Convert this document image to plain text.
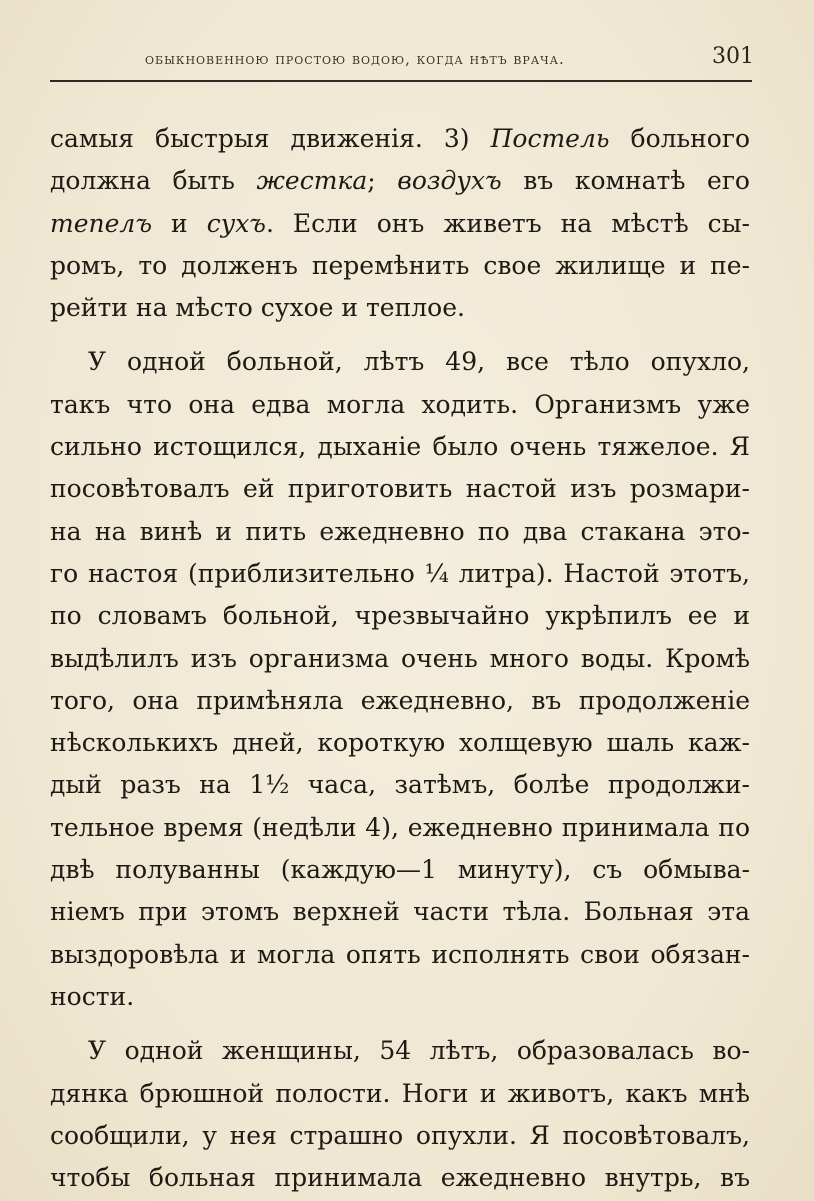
обыкновенною простою водою, когда нѣтъ врача.	301
самыя быстрыя движенія. 3) Постель больного
должна быть жестка; воздухъ въ комнатѣ его
тепелъ и сухъ. Если онъ живетъ на мѣстѣ сы-
ромъ, то долженъ перемѣнить свое жилище и пе-
рейти на мѣсто сухое и теплое.
У одной больной, лѣтъ 49, все тѣло опухло,
такъ что она едва могла ходить. Организмъ уже
сильно истощился, дыханіе было очень тяжелое. Я
посовѣтовалъ ей приготовить настой изъ розмари-
на на винѣ и пить ежедневно по два стакана это-
го настоя (приблизительно ¼ литра). Настой этотъ,
по словамъ больной, чрезвычайно укрѣпилъ ее и
выдѣлилъ изъ организма очень много воды. Кромѣ
того, она примѣняла ежедневно, въ продолженіе
нѣсколькихъ дней, короткую холщевую шаль каж-
дый разъ на 1½ часа, затѣмъ, болѣе продолжи-
тельное время (недѣли 4), ежедневно принимала по
двѣ полуванны (каждую—1 минуту), съ обмыва-
ніемъ при этомъ верхней части тѣла. Больная эта
выздоровѣла и могла опять исполнять свои обязан-
ности.
У одной женщины, 54 лѣтъ, образовалась во-
дянка брюшной полости. Ноги и животъ, какъ мнѣ
сообщили, у нея страшно опухли. Я посовѣтовалъ,
чтобы больная принимала ежедневно внутрь, въ
